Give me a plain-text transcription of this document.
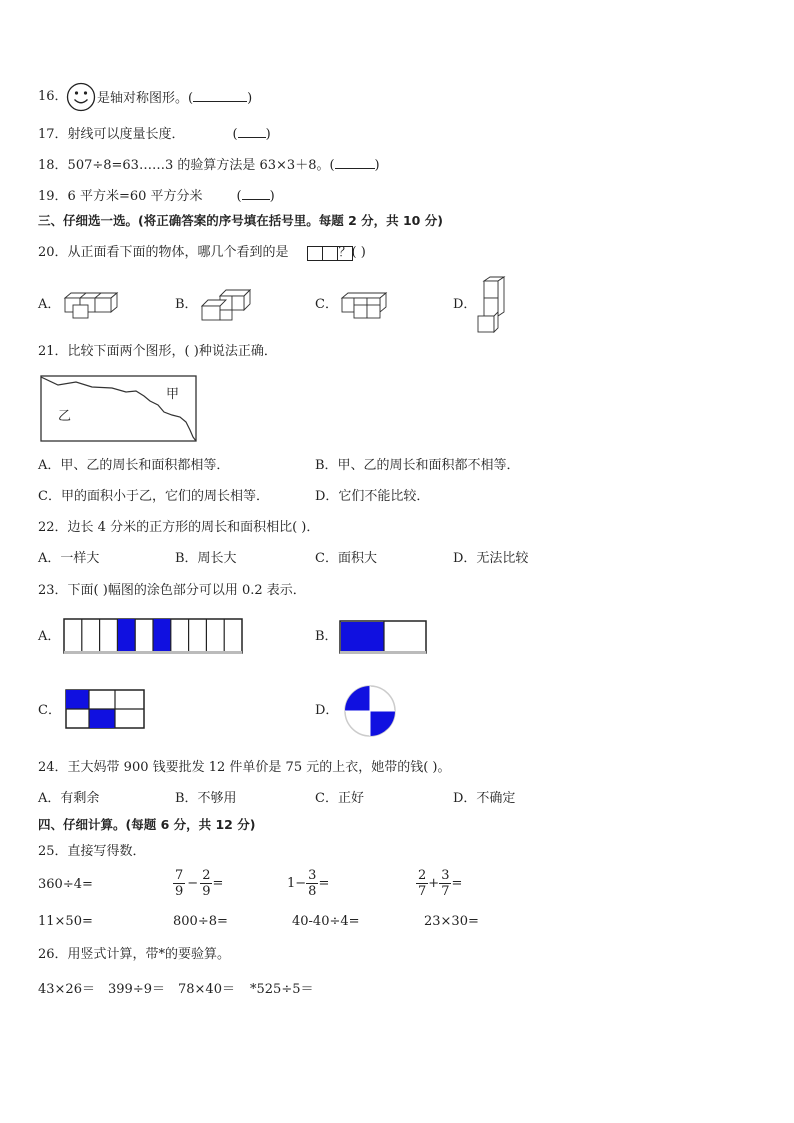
16． 是轴对称图形。(	)
17．射线可以度量长度．	( )
18．507÷8=63……3 的验算方法是 63×3＋8。(	)
19．6 平方米=60 平方分米	( )
三、仔细选一选。(将正确答案的序号填在括号里。每题 2 分，共 10 分)
20．从正面看下面的物体，哪几个看到的是	？( )
A．	B．	C．	D．
21．比较下面两个图形，( )种说法正确．
甲
乙
A．甲、乙的周长和面积都相等．	B．甲、乙的周长和面积都不相等．
C．甲的面积小于乙，它们的周长相等．	D．它们不能比较．
22．边长 4 分米的正方形的周长和面积相比( )．
A．一样大	B．周长大	C．面积大	D．无法比较
23．下面( )幅图的涂色部分可以用 0.2 表示．
A．	B．
C．	D．
24．王大妈带 900 钱要批发 12 件单价是 75 元的上衣，她带的钱( )。
A．有剩余	B．不够用	C．正好	D．不确定
四、仔细计算。(每题 6 分，共 12 分)
25．直接写得数．
360÷4=	$\frac{7}{9} - \frac{2}{9}$ =	$1- \frac{3}{8}$ =	$\frac{2}{7} + \frac{3}{7}$ =
11×50=	800÷8=	40-40÷4=	23×30=
26．用竖式计算，带*的要验算。
43×26＝ 399÷9＝ 78×40＝ *525÷5＝
